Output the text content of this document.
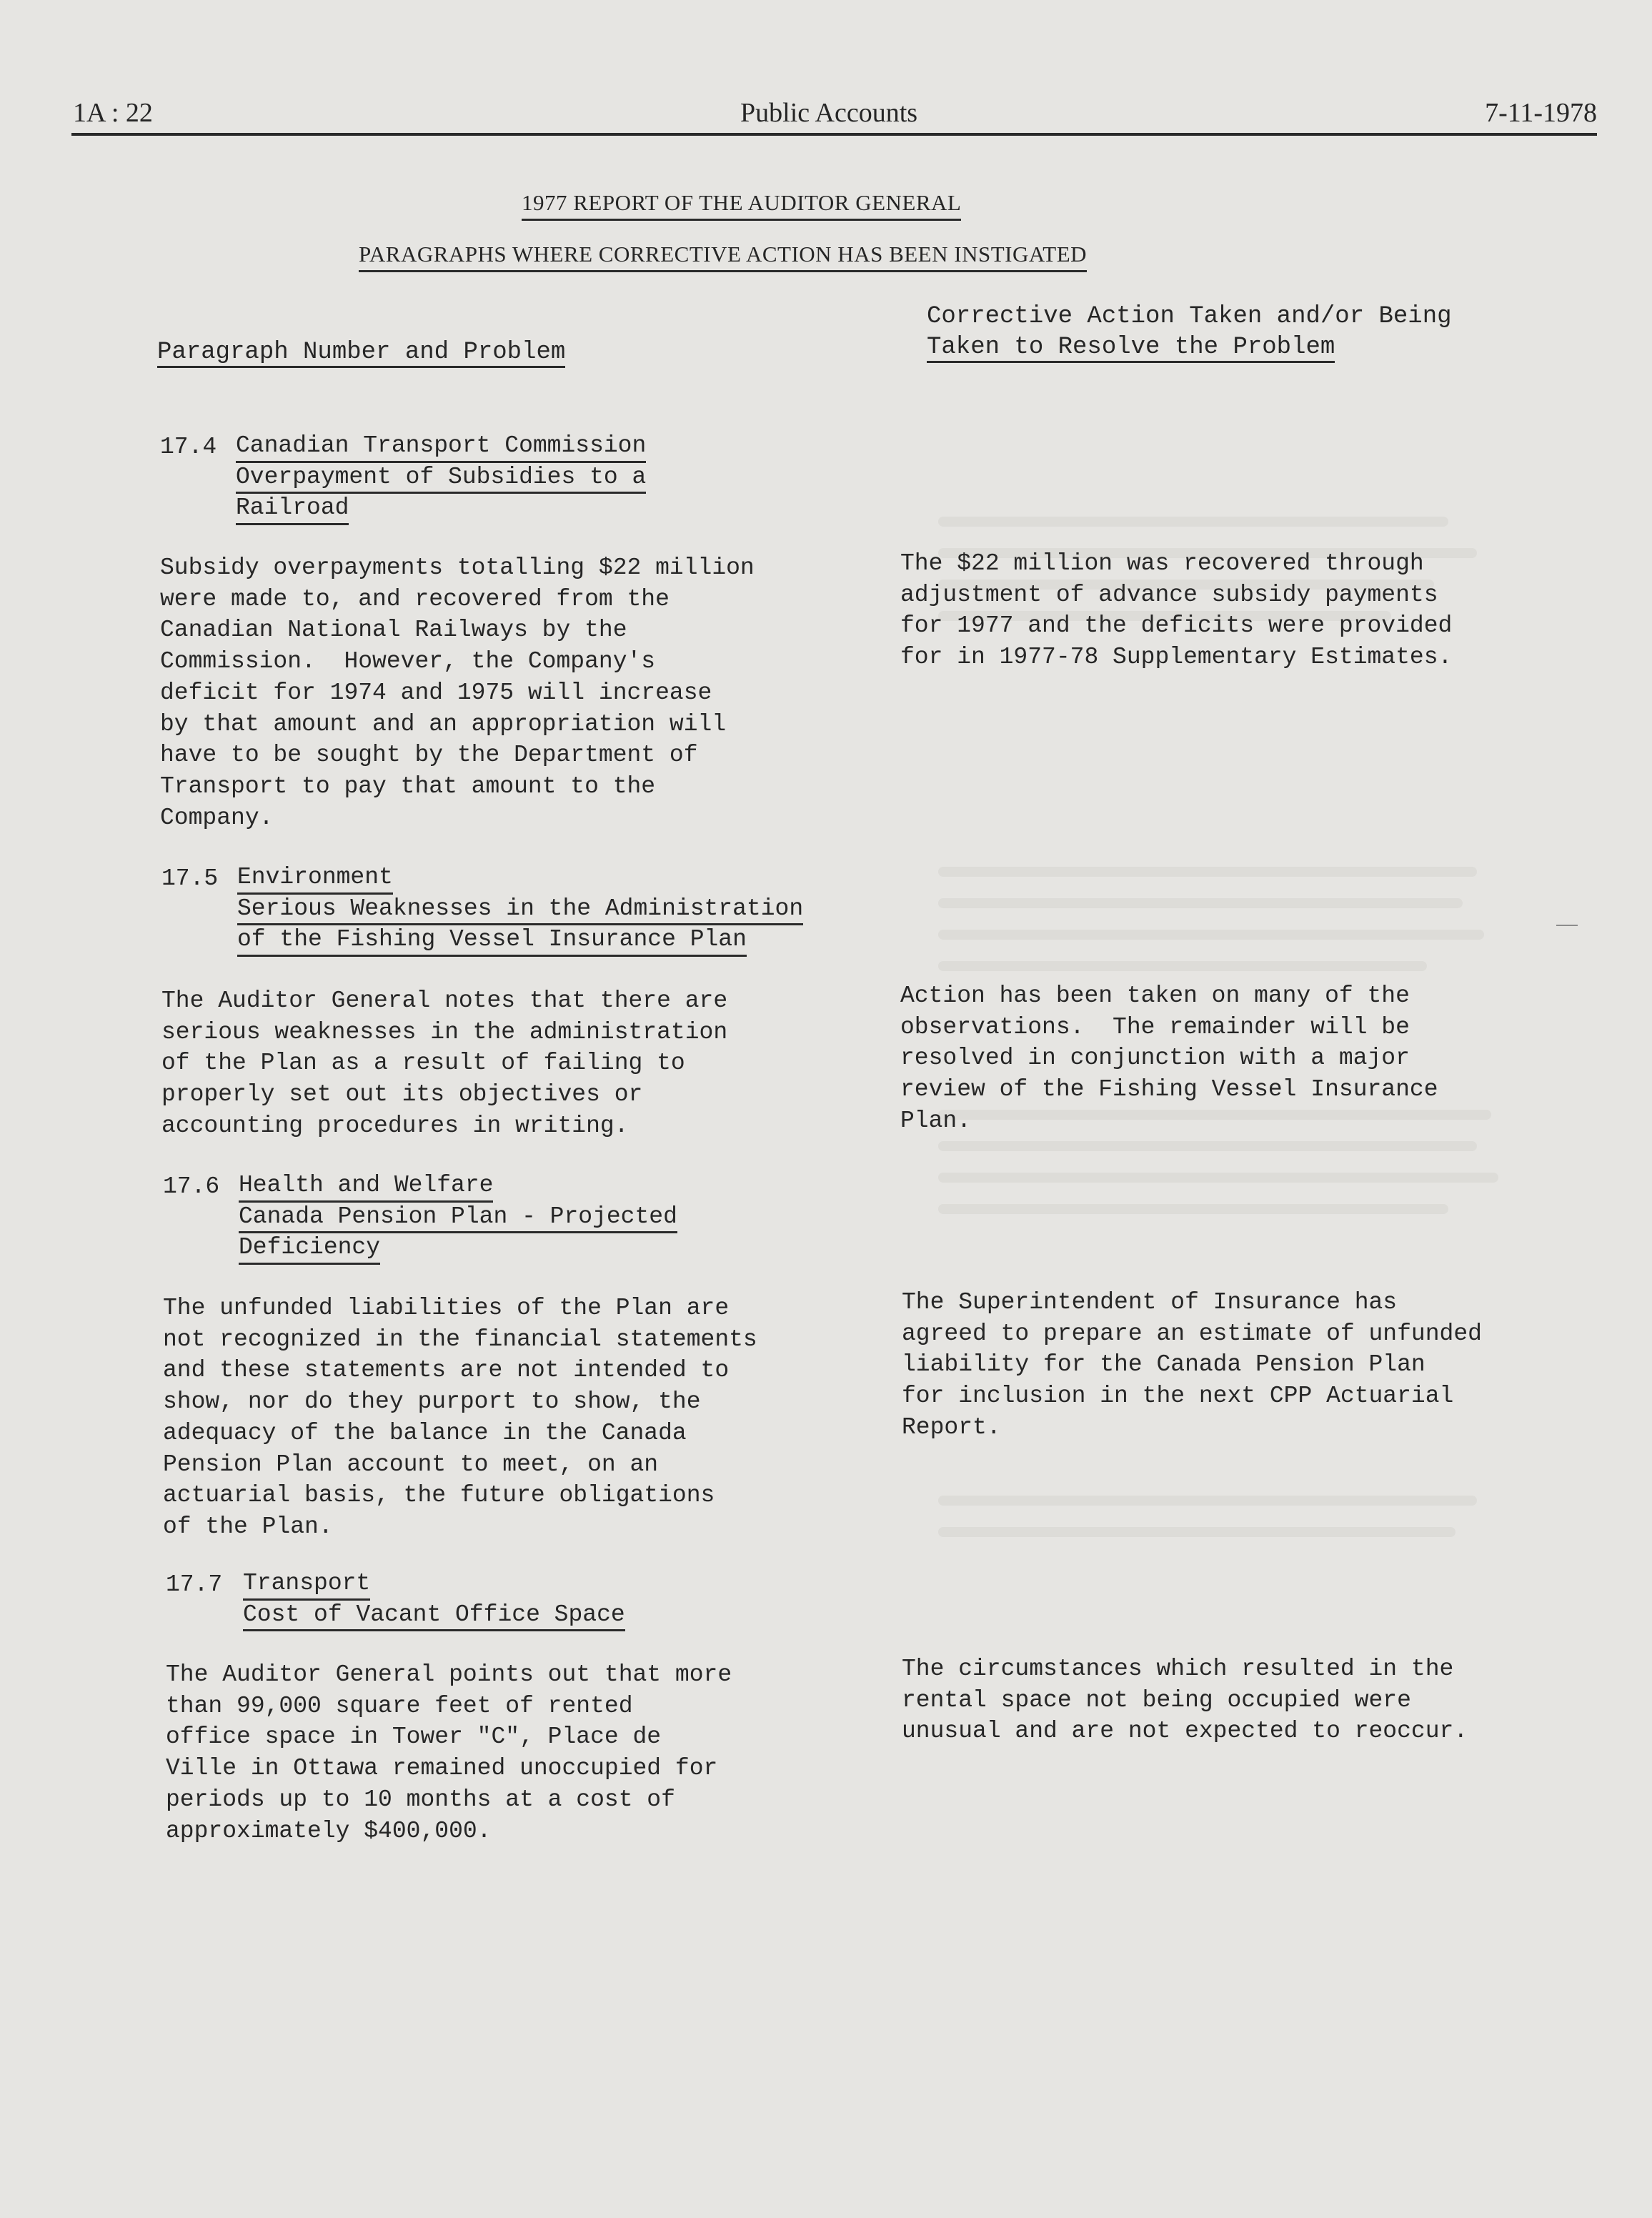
1A : 22	Public Accounts	7-11-1978
1977 REPORT OF THE AUDITOR GENERAL
PARAGRAPHS WHERE CORRECTIVE ACTION HAS BEEN INSTIGATED
Paragraph Number and Problem
Corrective Action Taken and/or Being
Taken to Resolve the Problem
17.4 Canadian Transport Commission
Overpayment of Subsidies to a
Railroad
Subsidy overpayments totalling $22 million
were made to, and recovered from the
Canadian National Railways by the
Commission.  However, the Company's
deficit for 1974 and 1975 will increase
by that amount and an appropriation will
have to be sought by the Department of
Transport to pay that amount to the
Company.
The $22 million was recovered through
adjustment of advance subsidy payments
for 1977 and the deficits were provided
for in 1977-78 Supplementary Estimates.
17.5 Environment
Serious Weaknesses in the Administration
of the Fishing Vessel Insurance Plan
The Auditor General notes that there are
serious weaknesses in the administration
of the Plan as a result of failing to
properly set out its objectives or
accounting procedures in writing.
Action has been taken on many of the
observations.  The remainder will be
resolved in conjunction with a major
review of the Fishing Vessel Insurance
Plan.
17.6 Health and Welfare
Canada Pension Plan - Projected
Deficiency
The unfunded liabilities of the Plan are
not recognized in the financial statements
and these statements are not intended to
show, nor do they purport to show, the
adequacy of the balance in the Canada
Pension Plan account to meet, on an
actuarial basis, the future obligations
of the Plan.
The Superintendent of Insurance has
agreed to prepare an estimate of unfunded
liability for the Canada Pension Plan
for inclusion in the next CPP Actuarial
Report.
17.7 Transport
Cost of Vacant Office Space
The Auditor General points out that more
than 99,000 square feet of rented
office space in Tower "C", Place de
Ville in Ottawa remained unoccupied for
periods up to 10 months at a cost of
approximately $400,000.
The circumstances which resulted in the
rental space not being occupied were
unusual and are not expected to reoccur.
